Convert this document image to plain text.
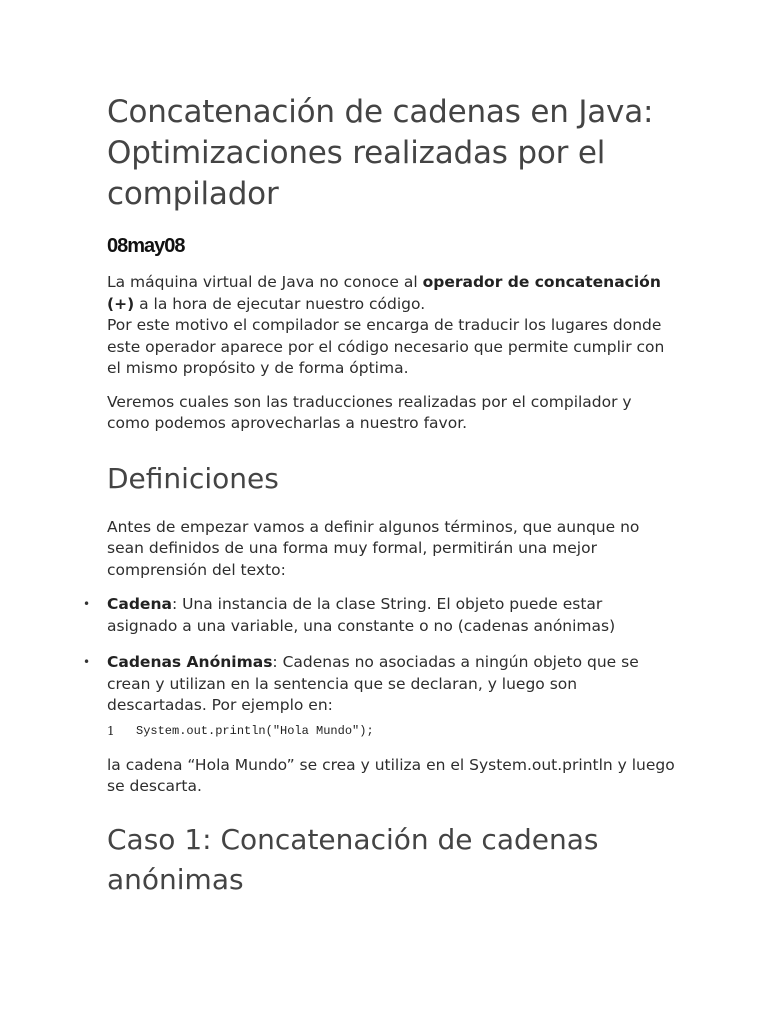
Concatenación de cadenas en Java: Optimizaciones realizadas por el compilador
08may08

La máquina virtual de Java no conoce al operador de concatenación (+) a la hora de ejecutar nuestro código.
Por este motivo el compilador se encarga de traducir los lugares donde este operador aparece por el código necesario que permite cumplir con el mismo propósito y de forma óptima.

Veremos cuales son las traducciones realizadas por el compilador y como podemos aprovecharlas a nuestro favor.

Definiciones

Antes de empezar vamos a definir algunos términos, que aunque no sean definidos de una forma muy formal, permitirán una mejor comprensión del texto:

• Cadena: Una instancia de la clase String. El objeto puede estar asignado a una variable, una constante o no (cadenas anónimas)
• Cadenas Anónimas: Cadenas no asociadas a ningún objeto que se crean y utilizan en la sentencia que se declaran, y luego son descartadas. Por ejemplo en:
1	System.out.println("Hola Mundo");

la cadena “Hola Mundo” se crea y utiliza en el System.out.println y luego se descarta.

Caso 1: Concatenación de cadenas anónimas
